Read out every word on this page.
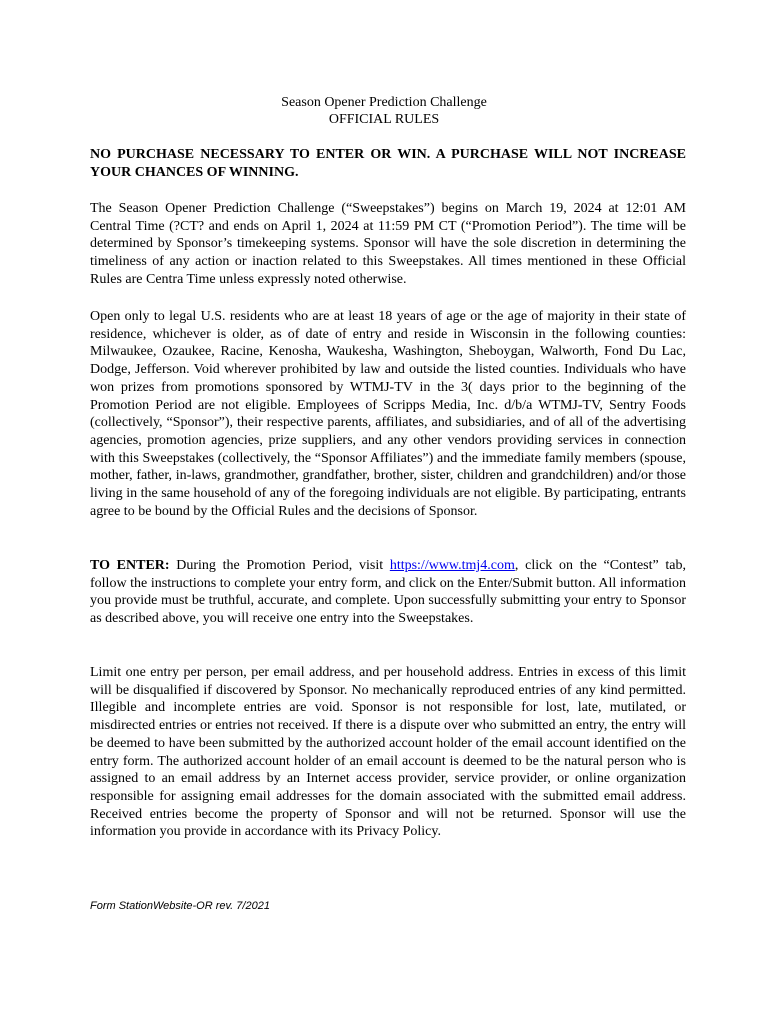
Season Opener Prediction Challenge
OFFICIAL RULES

NO PURCHASE NECESSARY TO ENTER OR WIN. A PURCHASE WILL NOT INCREASE YOUR CHANCES OF WINNING.

The Season Opener Prediction Challenge (“Sweepstakes”) begins on March 19, 2024 at 12:01 AM Central Time (?CT? and ends on April 1, 2024 at 11:59 PM CT (“Promotion Period”). The time will be determined by Sponsor’s timekeeping systems. Sponsor will have the sole discretion in determining the timeliness of any action or inaction related to this Sweepstakes. All times mentioned in these Official Rules are Centra Time unless expressly noted otherwise.

Open only to legal U.S. residents who are at least 18 years of age or the age of majority in their state of residence, whichever is older, as of date of entry and reside in Wisconsin in the following counties: Milwaukee, Ozaukee, Racine, Kenosha, Waukesha, Washington, Sheboygan, Walworth, Fond Du Lac, Dodge, Jefferson. Void wherever prohibited by law and outside the listed counties. Individuals who have won prizes from promotions sponsored by WTMJ-TV in the 3( days prior to the beginning of the Promotion Period are not eligible. Employees of Scripps Media, Inc. d/b/a WTMJ-TV, Sentry Foods (collectively, “Sponsor”), their respective parents, affiliates, and subsidiaries, and of all of the advertising agencies, promotion agencies, prize suppliers, and any other vendors providing services in connection with this Sweepstakes (collectively, the “Sponsor Affiliates”) and the immediate family members (spouse, mother, father, in-laws, grandmother, grandfather, brother, sister, children and grandchildren) and/or those living in the same household of any of the foregoing individuals are not eligible. By participating, entrants agree to be bound by the Official Rules and the decisions of Sponsor.

TO ENTER: During the Promotion Period, visit https://www.tmj4.com, click on the “Contest” tab, follow the instructions to complete your entry form, and click on the Enter/Submit button. All information you provide must be truthful, accurate, and complete. Upon successfully submitting your entry to Sponsor as described above, you will receive one entry into the Sweepstakes.

Limit one entry per person, per email address, and per household address. Entries in excess of this limit will be disqualified if discovered by Sponsor. No mechanically reproduced entries of any kind permitted. Illegible and incomplete entries are void. Sponsor is not responsible for lost, late, mutilated, or misdirected entries or entries not received. If there is a dispute over who submitted an entry, the entry will be deemed to have been submitted by the authorized account holder of the email account identified on the entry form. The authorized account holder of an email account is deemed to be the natural person who is assigned to an email address by an Internet access provider, service provider, or online organization responsible for assigning email addresses for the domain associated with the submitted email address. Received entries become the property of Sponsor and will not be returned. Sponsor will use the information you provide in accordance with its Privacy Policy.

Form StationWebsite-OR rev. 7/2021
